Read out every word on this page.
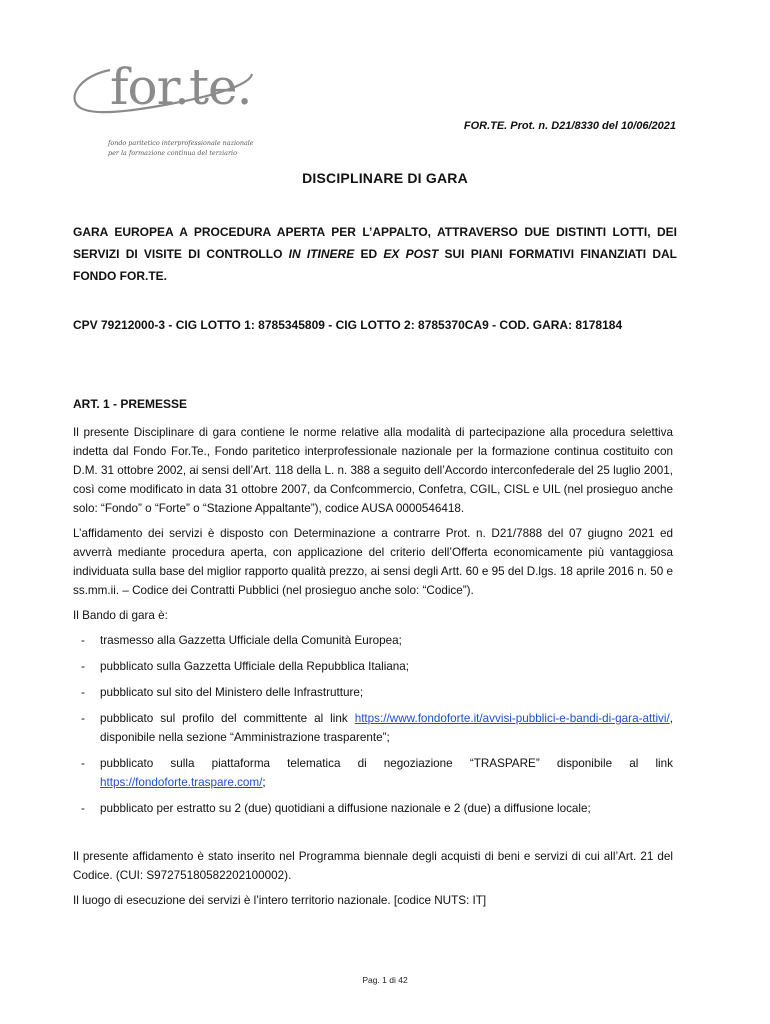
for.te.
fondo paritetico interprofessionale nazionale
per la formazione continua del terziario
FOR.TE. Prot. n. D21/8330 del 10/06/2021
DISCIPLINARE DI GARA
GARA EUROPEA A PROCEDURA APERTA PER L’APPALTO, ATTRAVERSO DUE DISTINTI LOTTI, DEI SERVIZI DI VISITE DI CONTROLLO IN ITINERE ED EX POST SUI PIANI FORMATIVI FINANZIATI DAL FONDO FOR.TE.
CPV 79212000-3 - CIG LOTTO 1: 8785345809 - CIG LOTTO 2: 8785370CA9 - COD. GARA: 8178184
ART. 1 - PREMESSE

Il presente Disciplinare di gara contiene le norme relative alla modalità di partecipazione alla procedura selettiva indetta dal Fondo For.Te., Fondo paritetico interprofessionale nazionale per la formazione continua costituito con D.M. 31 ottobre 2002, ai sensi dell’Art. 118 della L. n. 388 a seguito dell’Accordo interconfederale del 25 luglio 2001, così come modificato in data 31 ottobre 2007, da Confcommercio, Confetra, CGIL, CISL e UIL (nel prosieguo anche solo: “Fondo” o “Forte” o “Stazione Appaltante”), codice AUSA 0000546418.

L’affidamento dei servizi è disposto con Determinazione a contrarre Prot. n. D21/7888 del 07 giugno 2021 ed avverrà mediante procedura aperta, con applicazione del criterio dell’Offerta economicamente più vantaggiosa individuata sulla base del miglior rapporto qualità prezzo, ai sensi degli Artt. 60 e 95 del D.lgs. 18 aprile 2016 n. 50 e ss.mm.ii. – Codice dei Contratti Pubblici (nel prosieguo anche solo: “Codice”).

Il Bando di gara è:

- trasmesso alla Gazzetta Ufficiale della Comunità Europea;
- pubblicato sulla Gazzetta Ufficiale della Repubblica Italiana;
- pubblicato sul sito del Ministero delle Infrastrutture;
- pubblicato sul profilo del committente al link https://www.fondoforte.it/avvisi-pubblici-e-bandi-di-gara-attivi/, disponibile nella sezione “Amministrazione trasparente”;
- pubblicato sulla piattaforma telematica di negoziazione “TRASPARE” disponibile al link https://fondoforte.traspare.com/;
- pubblicato per estratto su 2 (due) quotidiani a diffusione nazionale e 2 (due) a diffusione locale;

Il presente affidamento è stato inserito nel Programma biennale degli acquisti di beni e servizi di cui all’Art. 21 del Codice. (CUI: S97275180582202100002).

Il luogo di esecuzione dei servizi è l’intero territorio nazionale. [codice NUTS: IT]

Pag. 1 di 42
